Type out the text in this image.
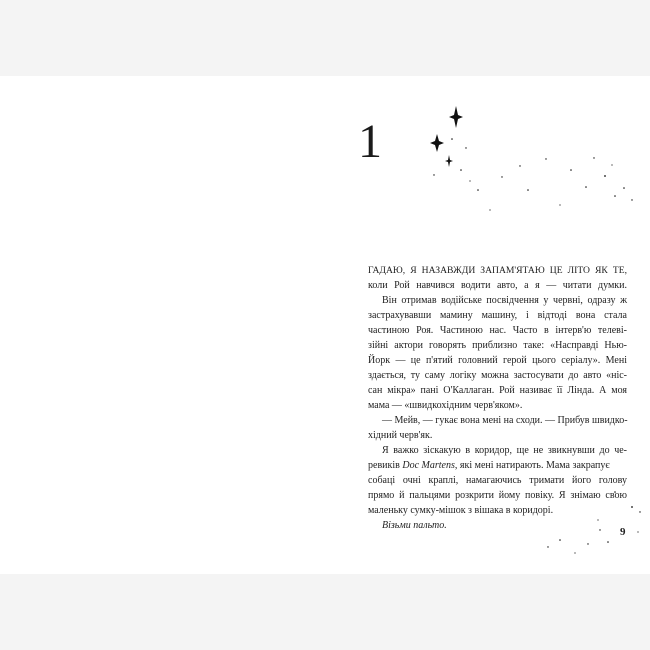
1
ГАДАЮ, Я НАЗАВЖДИ ЗАПАМ'ЯТАЮ ЦЕ ЛІТО ЯК ТЕ,
коли Рой навчився водити авто, а я — читати думки.
Він отримав водійське посвідчення у червні, одразу ж
застрахувавши мамину машину, і відтоді вона стала
частиною Роя. Частиною нас. Часто в інтерв'ю телеві-
зійні актори говорять приблизно таке: «Насправді Нью-
Йорк — це п'ятий головний герой цього серіалу». Мені
здається, ту саму логіку можна застосувати до авто «ніс-
сан мікра» пані О'Каллаган. Рой називає її Лінда. А моя
мама — «швидкохідним черв'яком».
— Мейв, — гукає вона мені на сходи. — Прибув швидко-
хідний черв'як.
Я важко зіскакую в коридор, ще не звикнувши до че-
ревиків Doc Martens, які мені натирають. Мама закрапує
собаці очні краплі, намагаючись тримати його голову
прямо й пальцями розкрити йому повіку. Я знімаю свою
маленьку сумку-мішок з вішака в коридорі.
Візьми пальто.
9
